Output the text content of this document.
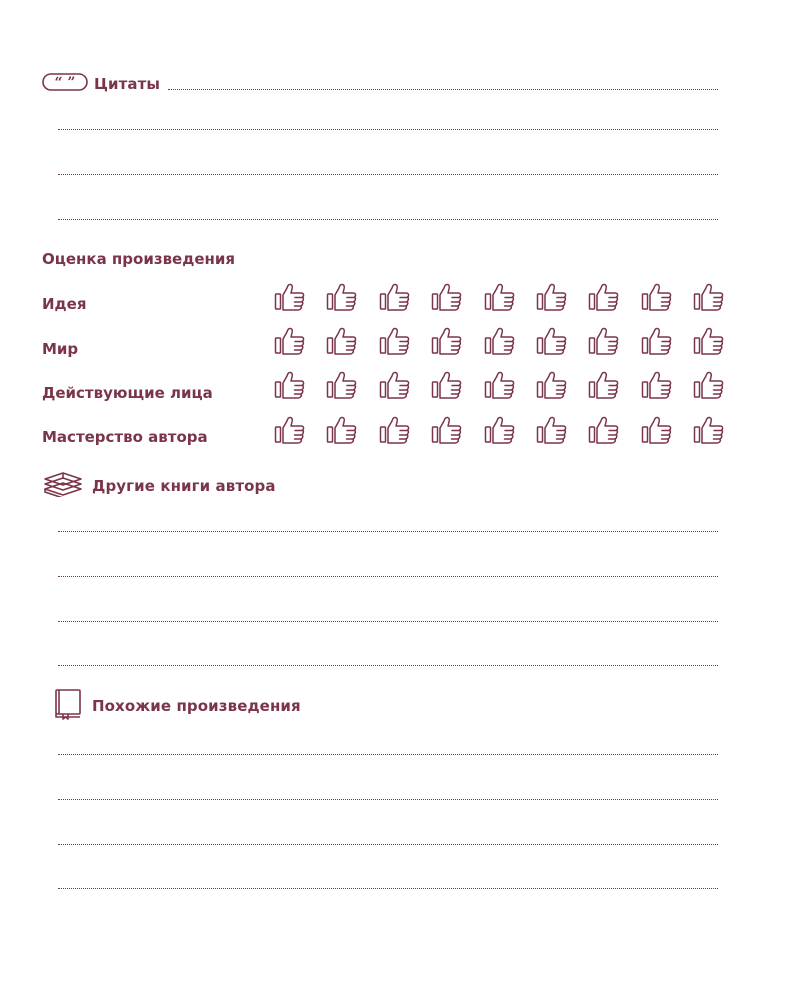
“ ” Цитаты
Оценка произведения
Идея
Мир
Действующие лица
Мастерство автора
Другие книги автора
Похожие произведения
